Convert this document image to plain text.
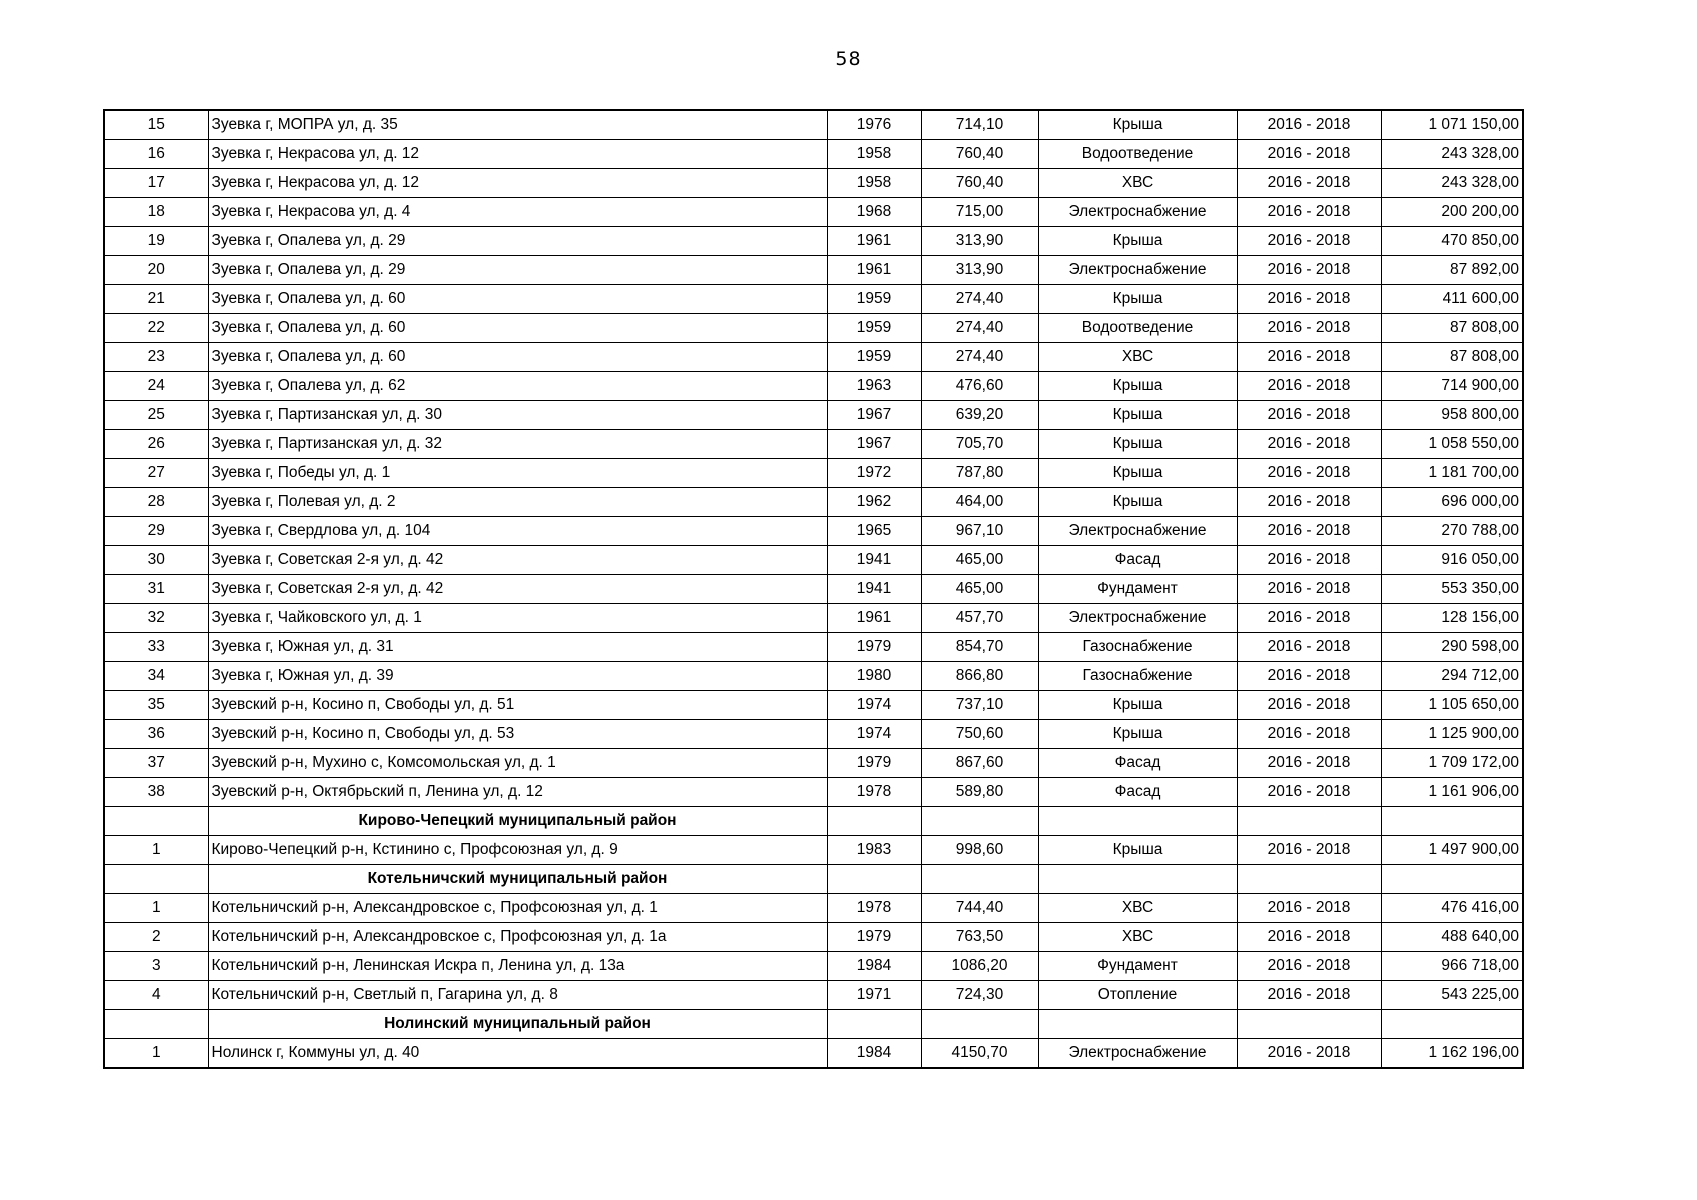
58
15	Зуевка г, МОПРА ул, д. 35	1976	714,10	Крыша	2016 - 2018	1 071 150,00
16	Зуевка г, Некрасова ул, д. 12	1958	760,40	Водоотведение	2016 - 2018	243 328,00
17	Зуевка г, Некрасова ул, д. 12	1958	760,40	ХВС	2016 - 2018	243 328,00
18	Зуевка г, Некрасова ул, д. 4	1968	715,00	Электроснабжение	2016 - 2018	200 200,00
19	Зуевка г, Опалева ул, д. 29	1961	313,90	Крыша	2016 - 2018	470 850,00
20	Зуевка г, Опалева ул, д. 29	1961	313,90	Электроснабжение	2016 - 2018	87 892,00
21	Зуевка г, Опалева ул, д. 60	1959	274,40	Крыша	2016 - 2018	411 600,00
22	Зуевка г, Опалева ул, д. 60	1959	274,40	Водоотведение	2016 - 2018	87 808,00
23	Зуевка г, Опалева ул, д. 60	1959	274,40	ХВС	2016 - 2018	87 808,00
24	Зуевка г, Опалева ул, д. 62	1963	476,60	Крыша	2016 - 2018	714 900,00
25	Зуевка г, Партизанская ул, д. 30	1967	639,20	Крыша	2016 - 2018	958 800,00
26	Зуевка г, Партизанская ул, д. 32	1967	705,70	Крыша	2016 - 2018	1 058 550,00
27	Зуевка г, Победы ул, д. 1	1972	787,80	Крыша	2016 - 2018	1 181 700,00
28	Зуевка г, Полевая ул, д. 2	1962	464,00	Крыша	2016 - 2018	696 000,00
29	Зуевка г, Свердлова ул, д. 104	1965	967,10	Электроснабжение	2016 - 2018	270 788,00
30	Зуевка г, Советская 2-я ул, д. 42	1941	465,00	Фасад	2016 - 2018	916 050,00
31	Зуевка г, Советская 2-я ул, д. 42	1941	465,00	Фундамент	2016 - 2018	553 350,00
32	Зуевка г, Чайковского ул, д. 1	1961	457,70	Электроснабжение	2016 - 2018	128 156,00
33	Зуевка г, Южная ул, д. 31	1979	854,70	Газоснабжение	2016 - 2018	290 598,00
34	Зуевка г, Южная ул, д. 39	1980	866,80	Газоснабжение	2016 - 2018	294 712,00
35	Зуевский р-н, Косино п, Свободы ул, д. 51	1974	737,10	Крыша	2016 - 2018	1 105 650,00
36	Зуевский р-н, Косино п, Свободы ул, д. 53	1974	750,60	Крыша	2016 - 2018	1 125 900,00
37	Зуевский р-н, Мухино с, Комсомольская ул, д. 1	1979	867,60	Фасад	2016 - 2018	1 709 172,00
38	Зуевский р-н, Октябрьский п, Ленина ул, д. 12	1978	589,80	Фасад	2016 - 2018	1 161 906,00
	Кирово-Чепецкий муниципальный район					
1	Кирово-Чепецкий р-н, Кстинино с, Профсоюзная ул, д. 9	1983	998,60	Крыша	2016 - 2018	1 497 900,00
	Котельничский муниципальный район					
1	Котельничский р-н, Александровское с, Профсоюзная ул, д. 1	1978	744,40	ХВС	2016 - 2018	476 416,00
2	Котельничский р-н, Александровское с, Профсоюзная ул, д. 1а	1979	763,50	ХВС	2016 - 2018	488 640,00
3	Котельничский р-н, Ленинская Искра п, Ленина ул, д. 13а	1984	1086,20	Фундамент	2016 - 2018	966 718,00
4	Котельничский р-н, Светлый п, Гагарина ул, д. 8	1971	724,30	Отопление	2016 - 2018	543 225,00
	Нолинский муниципальный район					
1	Нолинск г, Коммуны ул, д. 40	1984	4150,70	Электроснабжение	2016 - 2018	1 162 196,00
